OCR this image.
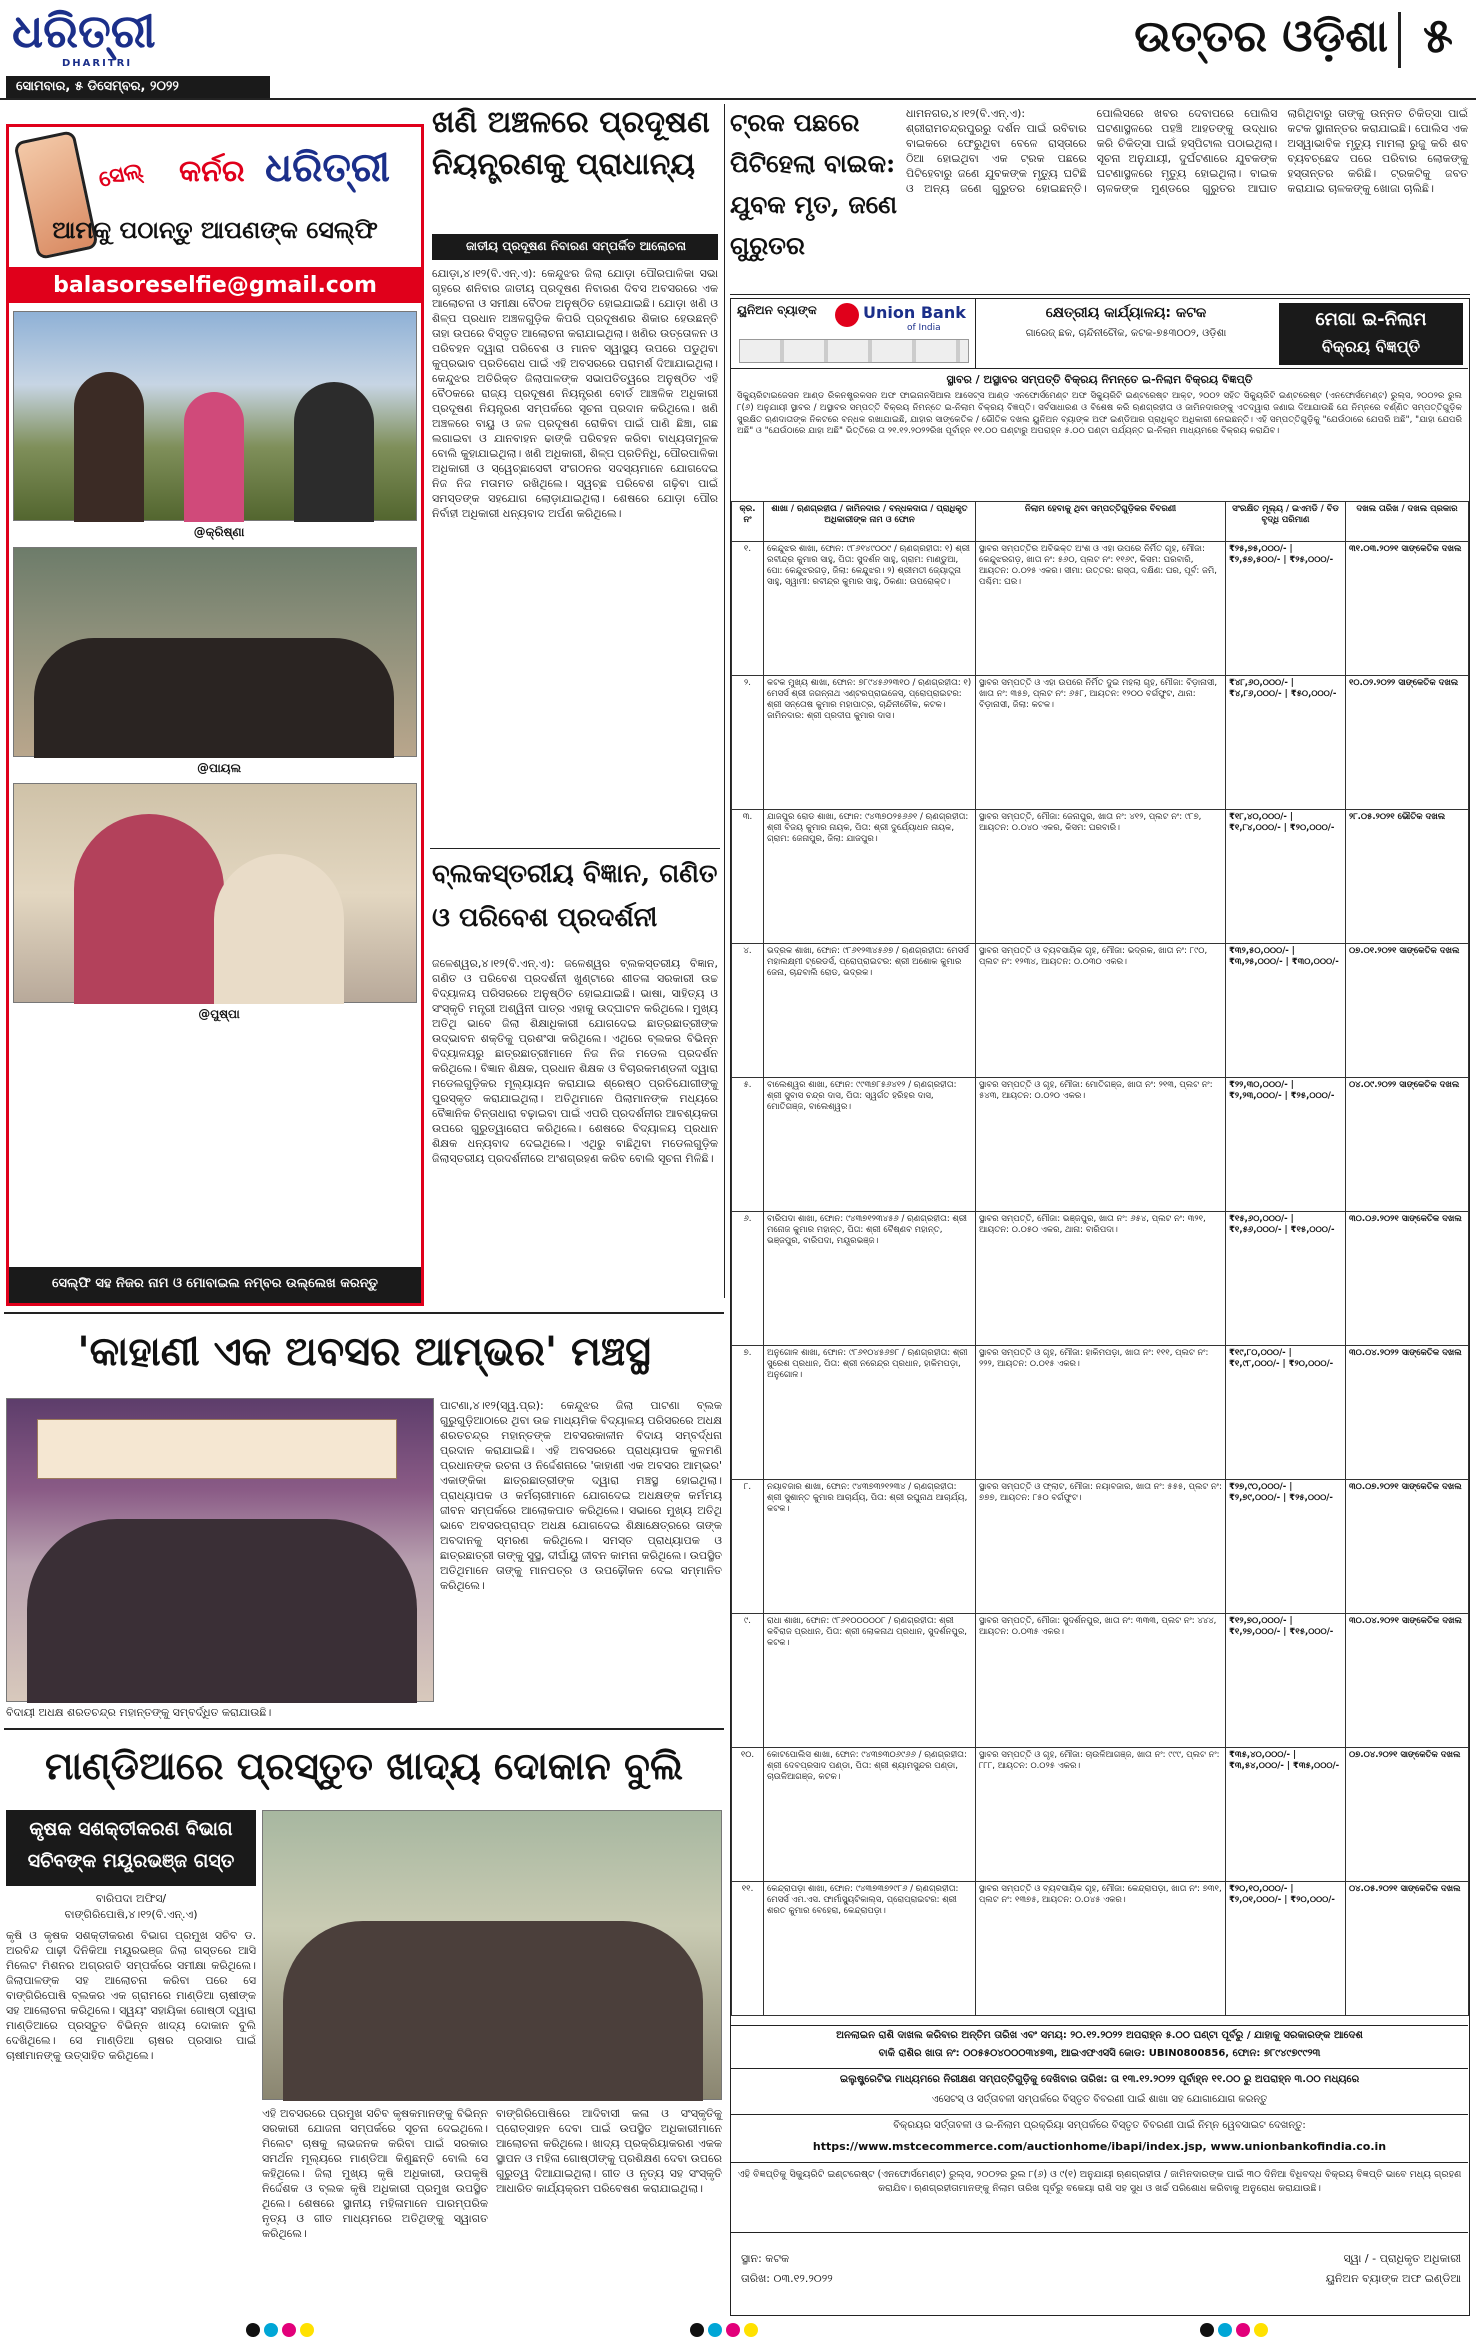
ଧରିତ୍ରୀ
DHARITRI
ସୋମବାର, ୫ ଡିସେମ୍ବର, ୨୦୨୨
ଉତ୍ତର ଓଡ଼ିଶା ୫
ସେଲ୍	କର୍ନର ଧରିତ୍ରୀ
ଆମକୁ ପଠାନ୍ତୁ ଆପଣଙ୍କ ସେଲ୍ଫି
balasoreselfie@gmail.com
@କ୍ରିଷ୍ଣା
@ପାୟଲ
@ପୁଷ୍ପା
ସେଲ୍ଫି ସହ ନିଜର ନାମ ଓ ମୋବାଇଲ ନମ୍ବର ଉଲ୍ଲେଖ କରନ୍ତୁ
ଖଣି ଅଞ୍ଚଳରେ ପ୍ରଦୂଷଣ ନିୟନ୍ତ୍ରଣକୁ ପ୍ରାଧାନ୍ୟ
ଜାତୀୟ ପ୍ରଦୂଷଣ ନିବାରଣ ସମ୍ପର୍କିତ ଆଲୋଚନା
ଯୋଡ଼ା,୪।୧୨(ବି.ଏନ୍.ଏ): କେନ୍ଦୁଝର ଜିଲା ଯୋଡ଼ା ପୌରପାଳିକା ସଭା ଗୃହରେ ଶନିବାର ଜାତୀୟ ପ୍ରଦୂଷଣ ନିବାରଣ ଦିବସ ଅବସରରେ ଏକ ଆଲୋଚନା ଓ ସମୀକ୍ଷା ବୈଠକ ଅନୁଷ୍ଠିତ ହୋଇଯାଇଛି। ଯୋଡ଼ା ଖଣି ଓ ଶିଳ୍ପ ପ୍ରଧାନ ଅଞ୍ଚଳଗୁଡ଼ିକ କିପରି ପ୍ରଦୂଷଣର ଶିକାର ହେଉଛନ୍ତି ତାହା ଉପରେ ବିସ୍ତୃତ ଆଲୋଚନା କରାଯାଇଥିଲା। ଖଣିର ଉତ୍ତୋଳନ ଓ ପରିବହନ ଦ୍ୱାରା ପରିବେଶ ଓ ମାନବ ସ୍ୱାସ୍ଥ୍ୟ ଉପରେ ପଡୁଥିବା କୁପ୍ରଭାବ ପ୍ରତିରୋଧ ପାଇଁ ଏହି ଅବସରରେ ପରାମର୍ଶ ଦିଆଯାଇଥିଲା। କେନ୍ଦୁଝର ଅତିରିକ୍ତ ଜିଲାପାଳଙ୍କ ସଭାପତିତ୍ୱରେ ଅନୁଷ୍ଠିତ ଏହି ବୈଠକରେ ରାଜ୍ୟ ପ୍ରଦୂଷଣ ନିୟନ୍ତ୍ରଣ ବୋର୍ଡ ଆଞ୍ଚଳିକ ଅଧିକାରୀ ପ୍ରଦୂଷଣ ନିୟନ୍ତ୍ରଣ ସମ୍ପର୍କରେ ସୂଚନା ପ୍ରଦାନ କରିଥିଲେ। ଖଣି ଅଞ୍ଚଳରେ ବାୟୁ ଓ ଜଳ ପ୍ରଦୂଷଣ ରୋକିବା ପାଇଁ ପାଣି ଛିଞ୍ଚା, ଗଛ ଲଗାଇବା ଓ ଯାନବାହନ ଢାଙ୍କି ପରିବହନ କରିବା ବାଧ୍ୟତାମୂଳକ ବୋଲି କୁହାଯାଇଥିଲା। ଖଣି ଅଧିକାରୀ, ଶିଳ୍ପ ପ୍ରତିନିଧି, ପୌରପାଳିକା ଅଧିକାରୀ ଓ ସ୍ୱେଚ୍ଛାସେବୀ ସଂଗଠନର ସଦସ୍ୟମାନେ ଯୋଗଦେଇ ନିଜ ନିଜ ମତାମତ ରଖିଥିଲେ। ସ୍ୱଚ୍ଛ ପରିବେଶ ଗଢ଼ିବା ପାଇଁ ସମସ୍ତଙ୍କ ସହଯୋଗ ଲୋଡ଼ାଯାଇଥିଲା। ଶେଷରେ ଯୋଡ଼ା ପୌର ନିର୍ବାହୀ ଅଧିକାରୀ ଧନ୍ୟବାଦ ଅର୍ପଣ କରିଥିଲେ।
ଟ୍ରକ ପଛରେ ପିଟିହେଲା ବାଇକ: ଯୁବକ ମୃତ, ଜଣେ ଗୁରୁତର
ଧାମନଗର,୪।୧୨(ବି.ଏନ୍.ଏ): ଶ୍ରୀରାମଚନ୍ଦ୍ରପୁରରୁ ଦର୍ଶନ ପାଇଁ ରବିବାର ବାଇକରେ ଫେରୁଥିବା ବେଳେ ରାସ୍ତାରେ ଠିଆ ହୋଇଥିବା ଏକ ଟ୍ରକ ପଛରେ ପିଟିହେବାରୁ ଜଣେ ଯୁବକଙ୍କ ମୃତ୍ୟୁ ଘଟିଛି ଓ ଅନ୍ୟ ଜଣେ ଗୁରୁତର ହୋଇଛନ୍ତି। ପୋଲିସରେ ଖବର ଦେବାପରେ ପୋଲିସ ଘଟଣାସ୍ଥଳରେ ପହଞ୍ଚି ଆହତଙ୍କୁ ଉଦ୍ଧାର କରି ଚିକିତ୍ସା ପାଇଁ ହସ୍ପିଟାଲ ପଠାଇଥିଲା। ସୂଚନା ଅନୁଯାୟୀ, ଦୁର୍ଘଟଣାରେ ଯୁବକଙ୍କ ଘଟଣାସ୍ଥଳରେ ମୃତ୍ୟୁ ହୋଇଥିଲା। ବାଇକ ଚାଳକଙ୍କ ମୁଣ୍ଡରେ ଗୁରୁତର ଆଘାତ ଲାଗିଥିବାରୁ ତାଙ୍କୁ ଉନ୍ନତ ଚିକିତ୍ସା ପାଇଁ କଟକ ସ୍ଥାନାନ୍ତର କରାଯାଇଛି। ପୋଲିସ ଏକ ଅସ୍ୱାଭାବିକ ମୃତ୍ୟୁ ମାମଲା ରୁଜୁ କରି ଶବ ବ୍ୟବଚ୍ଛେଦ ପରେ ପରିବାର ଲୋକଙ୍କୁ ହସ୍ତାନ୍ତର କରିଛି। ଟ୍ରକଟିକୁ ଜବତ କରାଯାଇ ଚାଳକଙ୍କୁ ଖୋଜା ଚାଲିଛି।
ବ୍ଲକସ୍ତରୀୟ ବିଜ୍ଞାନ, ଗଣିତ ଓ ପରିବେଶ ପ୍ରଦର୍ଶନୀ
ଜଳେଶ୍ୱର,୪।୧୨(ବି.ଏନ୍.ଏ): ଜଳେଶ୍ୱର ବ୍ଲକସ୍ତରୀୟ ବିଜ୍ଞାନ, ଗଣିତ ଓ ପରିବେଶ ପ୍ରଦର୍ଶନୀ ଖୁଣ୍ଟାରେ ଶୀତଳା ସରକାରୀ ଉଚ୍ଚ ବିଦ୍ୟାଳୟ ପରିସରରେ ଅନୁଷ୍ଠିତ ହୋଇଯାଇଛି। ଭାଷା, ସାହିତ୍ୟ ଓ ସଂସ୍କୃତି ମନ୍ତ୍ରୀ ଅଶ୍ୱିନୀ ପାତ୍ର ଏହାକୁ ଉଦ୍‌ଘାଟନ କରିଥିଲେ। ମୁଖ୍ୟ ଅତିଥି ଭାବେ ଜିଲା ଶିକ୍ଷାଧିକାରୀ ଯୋଗଦେଇ ଛାତ୍ରଛାତ୍ରୀଙ୍କ ଉଦ୍ଭାବନ ଶକ୍ତିକୁ ପ୍ରଶଂସା କରିଥିଲେ। ଏଥିରେ ବ୍ଲକର ବିଭିନ୍ନ ବିଦ୍ୟାଳୟରୁ ଛାତ୍ରଛାତ୍ରୀମାନେ ନିଜ ନିଜ ମଡେଲ ପ୍ରଦର୍ଶନ କରିଥିଲେ। ବିଜ୍ଞାନ ଶିକ୍ଷକ, ପ୍ରଧାନ ଶିକ୍ଷକ ଓ ବିଚାରକମଣ୍ଡଳୀ ଦ୍ୱାରା ମଡେଲଗୁଡ଼ିକର ମୂଲ୍ୟାୟନ କରାଯାଇ ଶ୍ରେଷ୍ଠ ପ୍ରତିଯୋଗୀଙ୍କୁ ପୁରସ୍କୃତ କରାଯାଇଥିଲା। ଅତିଥିମାନେ ପିଲାମାନଙ୍କ ମଧ୍ୟରେ ବୈଜ୍ଞାନିକ ଚିନ୍ତାଧାରା ବଢ଼ାଇବା ପାଇଁ ଏପରି ପ୍ରଦର୍ଶନୀର ଆବଶ୍ୟକତା ଉପରେ ଗୁରୁତ୍ୱାରୋପ କରିଥିଲେ। ଶେଷରେ ବିଦ୍ୟାଳୟ ପ୍ରଧାନ ଶିକ୍ଷକ ଧନ୍ୟବାଦ ଦେଇଥିଲେ। ଏଥିରୁ ବାଛିଥିବା ମଡେଲଗୁଡ଼ିକ ଜିଲାସ୍ତରୀୟ ପ୍ରଦର୍ଶନୀରେ ଅଂଶଗ୍ରହଣ କରିବ ବୋଲି ସୂଚନା ମିଳିଛି।
ୟୁନିଅନ ବ୍ୟାଙ୍କ	Union Bank
of India
କ୍ଷେତ୍ରୀୟ କାର୍ଯ୍ୟାଳୟ: କଟକ
ଗାରେଜ୍ ଛକ, ଚାନ୍ଦିନୀଚୌକ, କଟକ-୭୫୩୦୦୨, ଓଡ଼ିଶା
ମେଗା ଇ-ନିଲାମ
ବିକ୍ରୟ ବିଜ୍ଞପ୍ତି
ସ୍ଥାବର / ଅସ୍ଥାବର ସମ୍ପତ୍ତି ବିକ୍ରୟ ନିମନ୍ତେ ଇ-ନିଲାମ ବିକ୍ରୟ ବିଜ୍ଞପ୍ତି
ସିକ୍ୟୁରିଟାଇଜେସନ ଆଣ୍ଡ ରିକନଷ୍ଟ୍ରକସନ ଅଫ ଫାଇନାନସିଆଲ ଆସେଟ୍ସ ଆଣ୍ଡ ଏନଫୋର୍ସମେଣ୍ଟ ଅଫ ସିକ୍ୟୁରିଟି ଇଣ୍ଟରେଷ୍ଟ ଆକ୍ଟ, ୨୦୦୨ ସହିତ ସିକ୍ୟୁରିଟି ଇଣ୍ଟରେଷ୍ଟ (ଏନଫୋର୍ସମେଣ୍ଟ) ରୁଲ୍ସ, ୨୦୦୨ର ରୁଲ ୮(୬) ଅନୁଯାୟୀ ସ୍ଥାବର / ଅସ୍ଥାବର ସମ୍ପତ୍ତି ବିକ୍ରୟ ନିମନ୍ତେ ଇ-ନିଲାମ ବିକ୍ରୟ ବିଜ୍ଞପ୍ତି। ସର୍ବସାଧାରଣ ଓ ବିଶେଷ କରି ଋଣଗ୍ରହୀତା ଓ ଜାମିନଦାରଙ୍କୁ ଏତଦ୍ୱାରା ଜଣାଇ ଦିଆଯାଉଛି ଯେ ନିମ୍ନରେ ବର୍ଣ୍ଣିତ ସମ୍ପତ୍ତିଗୁଡ଼ିକ ସୁରକ୍ଷିତ ଋଣଦାତାଙ୍କ ନିକଟରେ ବନ୍ଧକ ରଖାଯାଇଛି, ଯାହାର ସାଙ୍କେତିକ / ଭୌତିକ ଦଖଲ ୟୁନିଅନ ବ୍ୟାଙ୍କ ଅଫ ଇଣ୍ଡିଆର ପ୍ରାଧିକୃତ ଅଧିକାରୀ ନେଇଛନ୍ତି। ଏହି ସମ୍ପତ୍ତିଗୁଡ଼ିକୁ "ଯେଉଁଠାରେ ଯେପରି ଅଛି", "ଯାହା ଯେପରି ଅଛି" ଓ "ଯେଉଁଠାରେ ଯାହା ଅଛି" ଭିତ୍ତିରେ ତା ୨୧.୧୨.୨୦୨୨ରିଖ ପୂର୍ବାହ୍ନ ୧୧.୦୦ ଘଣ୍ଟାରୁ ଅପରାହ୍ନ ୫.୦୦ ଘଣ୍ଟା ପର୍ଯ୍ୟନ୍ତ ଇ-ନିଲାମ ମାଧ୍ୟମରେ ବିକ୍ରୟ କରାଯିବ।
କ୍ର. ନଂ	ଶାଖା / ଋଣଗ୍ରହୀତା / ଜାମିନଦାର / ବନ୍ଧକଦାତା / ପ୍ରାଧିକୃତ ଅଧିକାରୀଙ୍କ ନାମ ଓ ଫୋନ	ନିଲାମ ହେବାକୁ ଥିବା ସମ୍ପତ୍ତିଗୁଡ଼ିକର ବିବରଣୀ	ସଂରକ୍ଷିତ ମୂଲ୍ୟ / ଇଏମଡି / ବିଡ ବୃଦ୍ଧି ପରିମାଣ	ଦଖଲ ତାରିଖ / ଦଖଲ ପ୍ରକାର
୧.	କେନ୍ଦୁଝର ଶାଖା, ଫୋନ: ୯୮୬୧୪୯୦୦୯ / ଋଣଗ୍ରହୀତା: ୧) ଶ୍ରୀ ରବୀନ୍ଦ୍ର କୁମାର ସାହୁ, ପିତା: ସୁଦର୍ଶନ ସାହୁ, ଗ୍ରାମ: ମାଣ୍ଡୁଆ, ପୋ: କେନ୍ଦୁଝରଗଡ଼, ଜିଲା: କେନ୍ଦୁଝର। ୨) ଶ୍ରୀମତୀ ଜ୍ୟୋତ୍ସ୍ନା ସାହୁ, ସ୍ୱାମୀ: ରବୀନ୍ଦ୍ର କୁମାର ସାହୁ, ଠିକଣା: ଉପରୋକ୍ତ।	ସ୍ଥାବର ସମ୍ପତ୍ତିର ଅବିଭକ୍ତ ଅଂଶ ଓ ଏହା ଉପରେ ନିର୍ମିତ ଗୃହ, ମୌଜା: କେନ୍ଦୁଝରଗଡ଼, ଖାତା ନଂ: ୫୬୦, ପ୍ଲଟ ନଂ: ୧୧୬୯, କିସମ: ଘରବାରି, ଆୟତନ: ୦.୦୨୫ ଏକର। ସୀମା: ଉତ୍ତର: ରାସ୍ତା, ଦକ୍ଷିଣ: ଘର, ପୂର୍ବ: ଜମି, ପଶ୍ଚିମ: ଘର।	₹୨୫,୭୫,୦୦୦/- | ₹୨,୫୭,୫୦୦/- | ₹୨୫,୦୦୦/-	୩୧.୦୩.୨୦୨୧ ସାଙ୍କେତିକ ଦଖଲ
୨.	କଟକ ମୁଖ୍ୟ ଶାଖା, ଫୋନ: ୭୮୯୪୫୬୨୩୧୦ / ଋଣଗ୍ରହୀତା: ୧) ମେସର୍ସ ଶ୍ରୀ ଜଗନ୍ନାଥ ଏଣ୍ଟରପ୍ରାଇଜେସ୍, ପ୍ରୋପ୍ରାଇଟର: ଶ୍ରୀ ସନ୍ତୋଷ କୁମାର ମହାପାତ୍ର, ଚାନ୍ଦିନୀଚୌକ, କଟକ। ଜାମିନଦାର: ଶ୍ରୀ ପ୍ରଦୀପ କୁମାର ଦାସ।	ସ୍ଥାବର ସମ୍ପତ୍ତି ଓ ଏହା ଉପରେ ନିର୍ମିତ ଦୁଇ ମହଲା ଗୃହ, ମୌଜା: ବିଡ଼ାନାସୀ, ଖାତା ନଂ: ୩୫୭, ପ୍ଲଟ ନଂ: ୬୫୮, ଆୟତନ: ୧୨୦୦ ବର୍ଗଫୁଟ, ଥାନା: ବିଡ଼ାନାସୀ, ଜିଲା: କଟକ।	₹୪୮,୬୦,୦୦୦/- | ₹୪,୮୬,୦୦୦/- | ₹୫୦,୦୦୦/-	୧୦.୦୨.୨୦୨୨ ସାଙ୍କେତିକ ଦଖଲ
୩.	ଯାଜପୁର ରୋଡ ଶାଖା, ଫୋନ: ୯୪୩୭୦୨୫୬୬୧ / ଋଣଗ୍ରହୀତା: ଶ୍ରୀ ବିଜୟ କୁମାର ନାୟକ, ପିତା: ଶ୍ରୀ ଦୁର୍ଯ୍ୟୋଧନ ନାୟକ, ଗ୍ରାମ: ଜେନାପୁର, ଜିଲା: ଯାଜପୁର।	ସ୍ଥାବର ସମ୍ପତ୍ତି, ମୌଜା: ଜେନାପୁର, ଖାତା ନଂ: ୪୧୨, ପ୍ଲଟ ନଂ: ୯୮୭, ଆୟତନ: ୦.୦୪୦ ଏକର, କିସମ: ଘରବାରି।	₹୧୮,୪୦,୦୦୦/- | ₹୧,୮୪,୦୦୦/- | ₹୨୦,୦୦୦/-	୨୮.୦୫.୨୦୨୧ ଭୌତିକ ଦଖଲ
୪.	ଭଦ୍ରକ ଶାଖା, ଫୋନ: ୯୮୬୧୨୩୪୫୬୭ / ଋଣଗ୍ରହୀତା: ମେସର୍ସ ମହାଲକ୍ଷ୍ମୀ ଟ୍ରେଡର୍ସ, ପ୍ରୋପ୍ରାଇଟର: ଶ୍ରୀ ଅଶୋକ କୁମାର ଜେନା, ଚାନ୍ଦବାଲି ରୋଡ, ଭଦ୍ରକ।	ସ୍ଥାବର ସମ୍ପତ୍ତି ଓ ବ୍ୟବସାୟିକ ଗୃହ, ମୌଜା: ଭଦ୍ରକ, ଖାତା ନଂ: ୮୯୦, ପ୍ଲଟ ନଂ: ୧୨୩୪, ଆୟତନ: ୦.୦୩୦ ଏକର।	₹୩୨,୫୦,୦୦୦/- | ₹୩,୨୫,୦୦୦/- | ₹୩୦,୦୦୦/-	୦୭.୦୧.୨୦୨୧ ସାଙ୍କେତିକ ଦଖଲ
୫.	ବାଲେଶ୍ୱର ଶାଖା, ଫୋନ: ୯୯୩୭୮୫୬୪୧୨ / ଋଣଗ୍ରହୀତା: ଶ୍ରୀ ସୁବାସ ଚନ୍ଦ୍ର ଦାସ, ପିତା: ସ୍ୱର୍ଗତ ହରିହର ଦାସ, ମୋତିଗଞ୍ଜ, ବାଲେଶ୍ୱର।	ସ୍ଥାବର ସମ୍ପତ୍ତି ଓ ଗୃହ, ମୌଜା: ମୋତିଗଞ୍ଜ, ଖାତା ନଂ: ୨୧୩, ପ୍ଲଟ ନଂ: ୫୪୩, ଆୟତନ: ୦.୦୨୦ ଏକର।	₹୨୨,୩୦,୦୦୦/- | ₹୨,୨୩,୦୦୦/- | ₹୨୫,୦୦୦/-	୦୪.୦୯.୨୦୨୨ ସାଙ୍କେତିକ ଦଖଲ
୬.	ବାରିପଦା ଶାଖା, ଫୋନ: ୯୪୩୭୧୨୩୪୫୬ / ଋଣଗ୍ରହୀତା: ଶ୍ରୀ ମନୋଜ କୁମାର ମହାନ୍ତ, ପିତା: ଶ୍ରୀ ବୈଷ୍ଣବ ମହାନ୍ତ, ଭଞ୍ଜପୁର, ବାରିପଦା, ମୟୂରଭଞ୍ଜ।	ସ୍ଥାବର ସମ୍ପତ୍ତି, ମୌଜା: ଭଞ୍ଜପୁର, ଖାତା ନଂ: ୬୫୪, ପ୍ଲଟ ନଂ: ୩୨୧, ଆୟତନ: ୦.୦୫୦ ଏକର, ଥାନା: ବାରିପଦା।	₹୧୫,୬୦,୦୦୦/- | ₹୧,୫୬,୦୦୦/- | ₹୧୫,୦୦୦/-	୩୦.୦୬.୨୦୨୧ ସାଙ୍କେତିକ ଦଖଲ
୭.	ଅନୁଗୋଳ ଶାଖା, ଫୋନ: ୯୮୬୧୦୪୫୬୭୮ / ଋଣଗ୍ରହୀତା: ଶ୍ରୀ ସୁରେଶ ପ୍ରଧାନ, ପିତା: ଶ୍ରୀ ନରେନ୍ଦ୍ର ପ୍ରଧାନ, ହାକିମପଡ଼ା, ଅନୁଗୋଳ।	ସ୍ଥାବର ସମ୍ପତ୍ତି ଓ ଗୃହ, ମୌଜା: ହାକିମପଡ଼ା, ଖାତା ନଂ: ୧୧୧, ପ୍ଲଟ ନଂ: ୨୨୨, ଆୟତନ: ୦.୦୧୫ ଏକର।	₹୧୯,୮୦,୦୦୦/- | ₹୧,୯୮,୦୦୦/- | ₹୨୦,୦୦୦/-	୩୦.୦୪.୨୦୨୨ ସାଙ୍କେତିକ ଦଖଲ
୮.	ନୟାବଜାର ଶାଖା, ଫୋନ: ୯୪୩୭୩୨୧୨୩୪ / ଋଣଗ୍ରହୀତା: ଶ୍ରୀ ସୁଶାନ୍ତ କୁମାର ଆଚାର୍ଯ୍ୟ, ପିତା: ଶ୍ରୀ ରଘୁନାଥ ଆଚାର୍ଯ୍ୟ, କଟକ।	ସ୍ଥାବର ସମ୍ପତ୍ତି ଓ ଫ୍ଲାଟ, ମୌଜା: ନୟାବଜାର, ଖାତା ନଂ: ୫୫୫, ପ୍ଲଟ ନଂ: ୭୭୭, ଆୟତନ: ୮୫୦ ବର୍ଗଫୁଟ।	₹୨୭,୯୦,୦୦୦/- | ₹୨,୭୯,୦୦୦/- | ₹୨୫,୦୦୦/-	୩୦.୦୭.୨୦୨୧ ସାଙ୍କେତିକ ଦଖଲ
୯.	ରାଧା ଶାଖା, ଫୋନ: ୯୮୬୧୦୦୦୦୦୮ / ଋଣଗ୍ରହୀତା: ଶ୍ରୀ କବିରାଜ ପ୍ରଧାନ, ପିତା: ଶ୍ରୀ ଲୋକନାଥ ପ୍ରଧାନ, ସୁଦର୍ଶନପୁର, କଟକ।	ସ୍ଥାବର ସମ୍ପତ୍ତି, ମୌଜା: ସୁଦର୍ଶନପୁର, ଖାତା ନଂ: ୩୩୩, ପ୍ଲଟ ନଂ: ୪୪୪, ଆୟତନ: ୦.୦୩୫ ଏକର।	₹୧୨,୭୦,୦୦୦/- | ₹୧,୨୭,୦୦୦/- | ₹୧୫,୦୦୦/-	୩୦.୦୪.୨୦୨୧ ସାଙ୍କେତିକ ଦଖଲ
୧୦.	କୋଟପୋଲିସ ଶାଖା, ଫୋନ: ୯୪୩୭୩୦୬୯୬୬ / ଋଣଗ୍ରହୀତା: ଶ୍ରୀ ଦେବପ୍ରସାଦ ପଣ୍ଡା, ପିତା: ଶ୍ରୀ ଶ୍ୟାମସୁନ୍ଦର ପଣ୍ଡା, ଚାଉଳିଆଗଞ୍ଜ, କଟକ।	ସ୍ଥାବର ସମ୍ପତ୍ତି ଓ ଗୃହ, ମୌଜା: ଚାଉଳିଆଗଞ୍ଜ, ଖାତା ନଂ: ୯୯୯, ପ୍ଲଟ ନଂ: ୮୮୮, ଆୟତନ: ୦.୦୨୫ ଏକର।	₹୩୫,୪୦,୦୦୦/- | ₹୩,୫୪,୦୦୦/- | ₹୩୫,୦୦୦/-	୦୭.୦୪.୨୦୨୧ ସାଙ୍କେତିକ ଦଖଲ
୧୧.	କେନ୍ଦ୍ରାପଡ଼ା ଶାଖା, ଫୋନ: ୯୪୩୭୩୭୨୯୮୬ / ଋଣଗ୍ରହୀତା: ମେସର୍ସ ଏମ.ଏସ. ଫାର୍ମାସ୍ୟୁଟିକାଲ୍ସ, ପ୍ରୋପ୍ରାଇଟର: ଶ୍ରୀ ଶରତ କୁମାର ବେହେରା, କେନ୍ଦ୍ରାପଡ଼ା।	ସ୍ଥାବର ସମ୍ପତ୍ତି ଓ ବ୍ୟବସାୟିକ ଗୃହ, ମୌଜା: କେନ୍ଦ୍ରାପଡ଼ା, ଖାତା ନଂ: ୭୩୧, ପ୍ଲଟ ନଂ: ୧୩୭୫, ଆୟତନ: ୦.୦୪୫ ଏକର।	₹୨୦,୧୦,୦୦୦/- | ₹୨,୦୧,୦୦୦/- | ₹୨୦,୦୦୦/-	୦୪.୦୫.୨୦୨୧ ସାଙ୍କେତିକ ଦଖଲ
ଅନଲାଇନ ରାଶି ଦାଖଲ କରିବାର ଅନ୍ତିମ ତାରିଖ ଏବଂ ସମୟ: ୨୦.୧୨.୨୦୨୨ ଅପରାହ୍ନ ୫.୦୦ ଘଣ୍ଟା ପୂର୍ବରୁ / ଯାହାକୁ ସରକାରଙ୍କ ଆଦେଶ
ବାକି ରାଶିର ଖାତା ନଂ: ୦୦୫୫୦୪୦୦୦୩୪୭୩, ଆଇଏଫଏସସି କୋଡ: UBIN0800856, ଫୋନ: ୭୮୯୪୯୭୯୯୨୩
ଇଲୁଷ୍ଟ୍ରେଟିଭ ମାଧ୍ୟମରେ ନିରୀକ୍ଷଣ ସମ୍ପତ୍ତିଗୁଡ଼ିକୁ ଦେଖିବାର ତାରିଖ: ତା ୧୩.୧୨.୨୦୨୨ ପୂର୍ବାହ୍ନ ୧୧.୦୦ ରୁ ଅପରାହ୍ନ ୩.୦୦ ମଧ୍ୟରେ
ଏସେଟସ୍ ଓ ସର୍ତ୍ତାବଳୀ ସମ୍ପର୍କରେ ବିସ୍ତୃତ ବିବରଣୀ ପାଇଁ ଶାଖା ସହ ଯୋଗାଯୋଗ କରନ୍ତୁ
ବିକ୍ରୟର ସର୍ତ୍ତାବଳୀ ଓ ଇ-ନିଲାମ ପ୍ରକ୍ରିୟା ସମ୍ପର୍କରେ ବିସ୍ତୃତ ବିବରଣୀ ପାଇଁ ନିମ୍ନ ୱେବସାଇଟ ଦେଖନ୍ତୁ:
https://www.mstcecommerce.com/auctionhome/ibapi/index.jsp, www.unionbankofindia.co.in
ଏହି ବିଜ୍ଞପ୍ତିକୁ ସିକ୍ୟୁରିଟି ଇଣ୍ଟରେଷ୍ଟ (ଏନଫୋର୍ସମେଣ୍ଟ) ରୁଲ୍ସ, ୨୦୦୨ର ରୁଲ ୮(୬) ଓ ୯(୧) ଅନୁଯାୟୀ ଋଣଗ୍ରହୀତା / ଜାମିନଦାରଙ୍କ ପାଇଁ ୩୦ ଦିନିଆ ବିଧିବଦ୍ଧ ବିକ୍ରୟ ବିଜ୍ଞପ୍ତି ଭାବେ ମଧ୍ୟ ଗ୍ରହଣ କରାଯିବ। ଋଣଗ୍ରହୀତାମାନଙ୍କୁ ନିଲାମ ତାରିଖ ପୂର୍ବରୁ ବକେୟା ରାଶି ସହ ସୁଧ ଓ ଖର୍ଚ୍ଚ ପରିଶୋଧ କରିବାକୁ ଅନୁରୋଧ କରାଯାଉଛି।
ସ୍ଥାନ: କଟକ
ତାରିଖ: ୦୩.୧୨.୨୦୨୨
ସ୍ୱା / - ପ୍ରାଧିକୃତ ଅଧିକାରୀ
ୟୁନିଅନ ବ୍ୟାଙ୍କ ଅଫ ଇଣ୍ଡିଆ
'କାହାଣୀ ଏକ ଅବସର ଆମ୍ଭର' ମଞ୍ଚସ୍ଥ
ବିଦାୟୀ ଅଧକ୍ଷ ଶରତଚନ୍ଦ୍ର ମହାନ୍ତଙ୍କୁ ସମ୍ବର୍ଦ୍ଧିତ କରାଯାଉଛି।
ପାଟଣା,୪।୧୨(ସ୍ୱ.ପ୍ର): କେନ୍ଦୁଝର ଜିଲା ପାଟଣା ବ୍ଲକ ଗୁରୁଗୁଡ଼ିଆଠାରେ ଥିବା ଉଚ୍ଚ ମାଧ୍ୟମିକ ବିଦ୍ୟାଳୟ ପରିସରରେ ଅଧକ୍ଷ ଶରତଚନ୍ଦ୍ର ମହାନ୍ତଙ୍କ ଅବସରକାଳୀନ ବିଦାୟ ସମ୍ବର୍ଦ୍ଧନା ପ୍ରଦାନ କରାଯାଇଛି। ଏହି ଅବସରରେ ପ୍ରାଧ୍ୟାପକ କୁଳମଣି ପ୍ରଧାନଙ୍କ ରଚନା ଓ ନିର୍ଦ୍ଦେଶନାରେ 'କାହାଣୀ ଏକ ଅବସର ଆମ୍ଭର' ଏକାଙ୍କିକା ଛାତ୍ରଛାତ୍ରୀଙ୍କ ଦ୍ୱାରା ମଞ୍ଚସ୍ଥ ହୋଇଥିଲା। ପ୍ରାଧ୍ୟାପକ ଓ କର୍ମଚାରୀମାନେ ଯୋଗଦେଇ ଅଧକ୍ଷଙ୍କ କର୍ମମୟ ଜୀବନ ସମ୍ପର୍କରେ ଆଲୋକପାତ କରିଥିଲେ। ସଭାରେ ମୁଖ୍ୟ ଅତିଥି ଭାବେ ଅବସରପ୍ରାପ୍ତ ଅଧକ୍ଷ ଯୋଗଦେଇ ଶିକ୍ଷାକ୍ଷେତ୍ରରେ ତାଙ୍କ ଅବଦାନକୁ ସ୍ମରଣ କରିଥିଲେ। ସମସ୍ତ ପ୍ରାଧ୍ୟାପକ ଓ ଛାତ୍ରଛାତ୍ରୀ ତାଙ୍କୁ ସୁସ୍ଥ, ଦୀର୍ଘାୟୁ ଜୀବନ କାମନା କରିଥିଲେ। ଉପସ୍ଥିତ ଅତିଥିମାନେ ତାଙ୍କୁ ମାନପତ୍ର ଓ ଉପଢ଼ୌକନ ଦେଇ ସମ୍ମାନିତ କରିଥିଲେ।
ମାଣ୍ଡିଆରେ ପ୍ରସ୍ତୁତ ଖାଦ୍ୟ ଦୋକାନ ବୁଲି
କୃଷକ ସଶକ୍ତୀକରଣ ବିଭାଗ
ସଚିବଙ୍କ ମୟୂରଭଞ୍ଜ ଗସ୍ତ
ବାରିପଦା ଅଫିସ/
ବାଙ୍ଗିରିପୋଷି,୪।୧୨(ବି.ଏନ୍.ଏ)
କୃଷି ଓ କୃଷକ ସଶକ୍ତୀକରଣ ବିଭାଗ ପ୍ରମୁଖ ସଚିବ ଡ. ଅରବିନ୍ଦ ପାଢ଼ୀ ଦିନିକିଆ ମୟୂରଭଞ୍ଜ ଜିଲା ଗସ୍ତରେ ଆସି ମିଲେଟ ମିଶନର ଅଗ୍ରଗତି ସମ୍ପର୍କରେ ସମୀକ୍ଷା କରିଥିଲେ। ଜିଲାପାଳଙ୍କ ସହ ଆଲୋଚନା କରିବା ପରେ ସେ ବାଙ୍ଗିରିପୋଷି ବ୍ଲକର ଏକ ଗ୍ରାମରେ ମାଣ୍ଡିଆ ଚାଷୀଙ୍କ ସହ ଆଲୋଚନା କରିଥିଲେ। ସ୍ୱୟଂ ସହାୟିକା ଗୋଷ୍ଠୀ ଦ୍ୱାରା ମାଣ୍ଡିଆରେ ପ୍ରସ୍ତୁତ ବିଭିନ୍ନ ଖାଦ୍ୟ ଦୋକାନ ବୁଲି ଦେଖିଥିଲେ। ସେ ମାଣ୍ଡିଆ ଚାଷର ପ୍ରସାର ପାଇଁ ଚାଷୀମାନଙ୍କୁ ଉତ୍ସାହିତ କରିଥିଲେ।
ଏହି ଅବସରରେ ପ୍ରମୁଖ ସଚିବ କୃଷକମାନଙ୍କୁ ବିଭିନ୍ନ ସରକାରୀ ଯୋଜନା ସମ୍ପର୍କରେ ସୂଚନା ଦେଇଥିଲେ। ମିଲେଟ ଚାଷକୁ ଲାଭଜନକ କରିବା ପାଇଁ ସରକାର ସମର୍ଥନ ମୂଲ୍ୟରେ ମାଣ୍ଡିଆ କିଣୁଛନ୍ତି ବୋଲି ସେ କହିଥିଲେ। ଜିଲା ମୁଖ୍ୟ କୃଷି ଅଧିକାରୀ, ଉପକୃଷି ନିର୍ଦ୍ଦେଶକ ଓ ବ୍ଲକ କୃଷି ଅଧିକାରୀ ପ୍ରମୁଖ ଉପସ୍ଥିତ ଥିଲେ। ଶେଷରେ ସ୍ଥାନୀୟ ମହିଳାମାନେ ପାରମ୍ପରିକ ନୃତ୍ୟ ଓ ଗୀତ ମାଧ୍ୟମରେ ଅତିଥିଙ୍କୁ ସ୍ୱାଗତ କରିଥିଲେ।
ବାଙ୍ଗିରିପୋଷିରେ ଆଦିବାସୀ କଳା ଓ ସଂସ୍କୃତିକୁ ପ୍ରୋତ୍ସାହନ ଦେବା ପାଇଁ ଉପସ୍ଥିତ ଅଧିକାରୀମାନେ ଆଲୋଚନା କରିଥିଲେ। ଖାଦ୍ୟ ପ୍ରକ୍ରିୟାକରଣ ଏକକ ସ୍ଥାପନ ଓ ମହିଳା ଗୋଷ୍ଠୀଙ୍କୁ ପ୍ରଶିକ୍ଷଣ ଦେବା ଉପରେ ଗୁରୁତ୍ୱ ଦିଆଯାଇଥିଲା। ଗୀତ ଓ ନୃତ୍ୟ ସହ ସଂସ୍କୃତି ଆଧାରିତ କାର୍ଯ୍ୟକ୍ରମ ପରିବେଷଣ କରାଯାଇଥିଲା।
